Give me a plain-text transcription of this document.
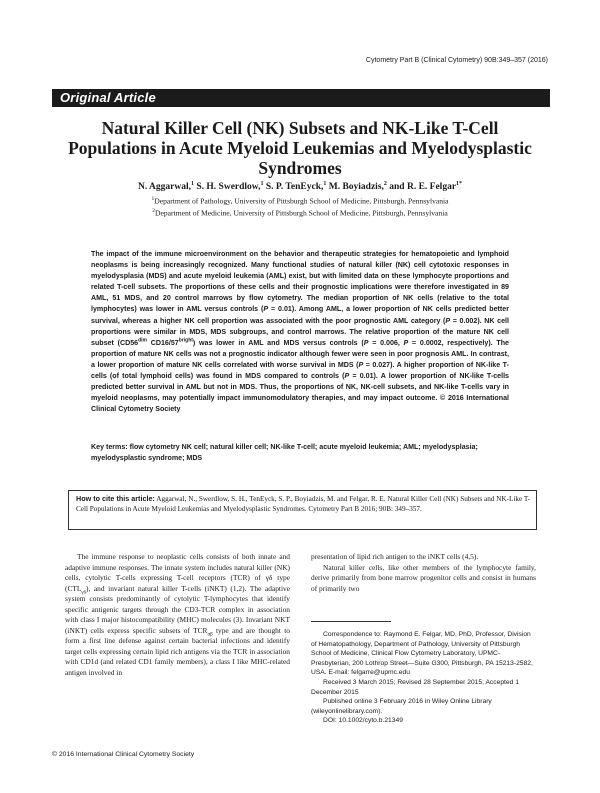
Cytometry Part B (Clinical Cytometry) 90B:349–357 (2016)
Original Article
Natural Killer Cell (NK) Subsets and NK-Like T-Cell Populations in Acute Myeloid Leukemias and Myelodysplastic Syndromes
N. Aggarwal,$^1$ S. H. Swerdlow,$^1$ S. P. TenEyck,$^1$ M. Boyiadzis,$^2$ and R. E. Felgar$^{1*}$
$^1$Department of Pathology, University of Pittsburgh School of Medicine, Pittsburgh, Pennsylvania
$^2$Department of Medicine, University of Pittsburgh School of Medicine, Pittsburgh, Pennsylvania
The impact of the immune microenvironment on the behavior and therapeutic strategies for hematopoietic and lymphoid neoplasms is being increasingly recognized. Many functional studies of natural killer (NK) cell cytotoxic responses in myelodysplasia (MDS) and acute myeloid leukemia (AML) exist, but with limited data on these lymphocyte proportions and related T-cell subsets. The proportions of these cells and their prognostic implications were therefore investigated in 89 AML, 51 MDS, and 20 control marrows by flow cytometry. The median proportion of NK cells (relative to the total lymphocytes) was lower in AML versus controls (P = 0.01). Among AML, a lower proportion of NK cells predicted better survival, whereas a higher NK cell proportion was associated with the poor prognostic AML category (P = 0.002). NK cell proportions were similar in MDS, MDS subgroups, and control marrows. The relative proportion of the mature NK cell subset ($CD56^{dim}$ $CD16/57^{bright}$) was lower in AML and MDS versus controls (P = 0.006, P = 0.0002, respectively). The proportion of mature NK cells was not a prognostic indicator although fewer were seen in poor prognosis AML. In contrast, a lower proportion of mature NK cells correlated with worse survival in MDS (P = 0.027). A higher proportion of NK-like T-cells (of total lymphoid cells) was found in MDS compared to controls (P = 0.01). A lower proportion of NK-like T-cells predicted better survival in AML but not in MDS. Thus, the proportions of NK, NK-cell subsets, and NK-like T-cells vary in myeloid neoplasms, may potentially impact immunomodulatory therapies, and may impact outcome. © 2016 International Clinical Cytometry Society
Key terms: flow cytometry NK cell; natural killer cell; NK-like T-cell; acute myeloid leukemia; AML; myelodysplasia; myelodysplastic syndrome; MDS
How to cite this article: Aggarwal, N., Swerdlow, S. H., TenEyck, S. P., Boyiadzis, M. and Felgar, R. E. Natural Killer Cell (NK) Subsets and NK-Like T-Cell Populations in Acute Myeloid Leukemias and Myelodysplastic Syndromes. Cytometry Part B 2016; 90B: 349–357.
The immune response to neoplastic cells consists of both innate and adaptive immune responses. The innate system includes natural killer (NK) cells, cytolytic T-cells expressing T-cell receptors (TCR) of γδ type $(CTL_{\gamma\delta})$, and invariant natural killer T-cells (iNKT) (1,2). The adaptive system consists predominantly of cytolytic T-lymphocytes that identify specific antigenic targets through the CD3-TCR complex in association with class I major histocompatibility (MHC) molecules (3). Invariant NKT (iNKT) cells express specific subsets of $TCR_{\alpha\beta}$ type and are thought to form a first line defense against certain bacterial infections and identify target cells expressing certain lipid rich antigens via the TCR in association with CD1d (and related CD1 family members), a class I like MHC-related antigen involved in
presentation of lipid rich antigen to the iNKT cells (4,5).
Natural killer cells, like other members of the lymphocyte family, derive primarily from bone marrow progenitor cells and consist in humans of primarily two

Correspondence to: Raymond E. Felgar, MD, PhD, Professor, Division of Hematopathology, Department of Pathology, University of Pittsburgh School of Medicine, Clinical Flow Cytometry Laboratory, UPMC-Presbyterian, 200 Lothrop Street—Suite G300, Pittsburgh, PA 15213-2582, USA. E-mail: felgarre@upmc.edu

Received 3 March 2015; Revised 28 September 2015; Accepted 1 December 2015

Published online 3 February 2016 in Wiley Online Library (wileyonlinelibrary.com).

DOI: 10.1002/cyto.b.21349

© 2016 International Clinical Cytometry Society
